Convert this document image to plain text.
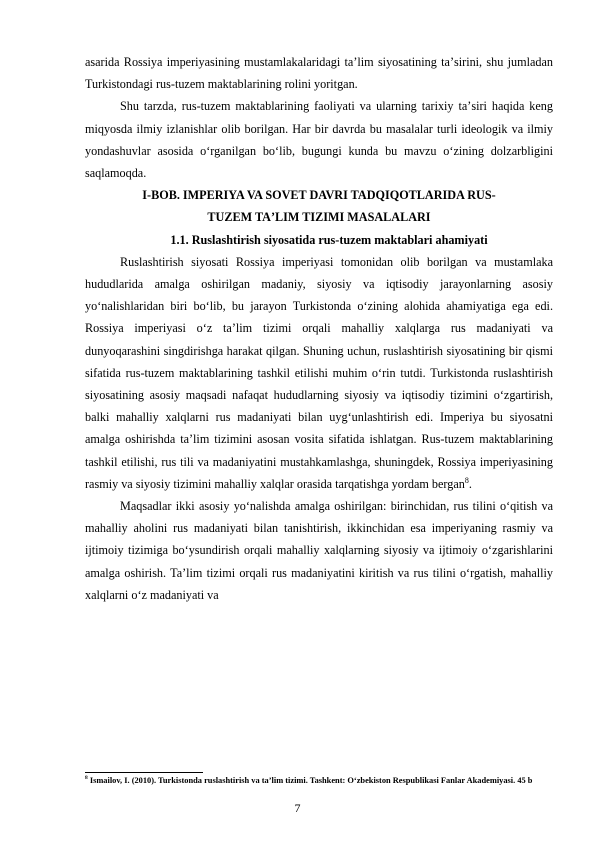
asarida Rossiya imperiyasining mustamlakalaridagi taʼlim siyosatining taʼsirini, shu jumladan Turkistondagi rus-tuzem maktablarining rolini yoritgan.

Shu tarzda, rus-tuzem maktablarining faoliyati va ularning tarixiy taʼsiri haqida keng miqyosda ilmiy izlanishlar olib borilgan. Har bir davrda bu masalalar turli ideologik va ilmiy yondashuvlar asosida oʻrganilgan boʻlib, bugungi kunda bu mavzu oʻzining dolzarbligini saqlamoqda.

I-BOB. IMPERIYA VA SOVET DAVRI TADQIQOTLARIDA RUS-
TUZEM TAʼLIM TIZIMI MASALALARI
1.1. Ruslashtirish siyosatida rus-tuzem maktablari ahamiyati

Ruslashtirish siyosati Rossiya imperiyasi tomonidan olib borilgan va mustamlaka hududlarida amalga oshirilgan madaniy, siyosiy va iqtisodiy jarayonlarning asosiy yoʻnalishlaridan biri boʻlib, bu jarayon Turkistonda oʻzining alohida ahamiyatiga ega edi. Rossiya imperiyasi oʻz taʼlim tizimi orqali mahalliy xalqlarga rus madaniyati va dunyoqarashini singdirishga harakat qilgan. Shuning uchun, ruslashtirish siyosatining bir qismi sifatida rus-tuzem maktablarining tashkil etilishi muhim oʻrin tutdi. Turkistonda ruslashtirish siyosatining asosiy maqsadi nafaqat hududlarning siyosiy va iqtisodiy tizimini oʻzgartirish, balki mahalliy xalqlarni rus madaniyati bilan uygʻunlashtirish edi. Imperiya bu siyosatni amalga oshirishda taʼlim tizimini asosan vosita sifatida ishlatgan. Rus-tuzem maktablarining tashkil etilishi, rus tili va madaniyatini mustahkamlashga, shuningdek, Rossiya imperiyasining rasmiy va siyosiy tizimini mahalliy xalqlar orasida tarqatishga yordam bergan$^8$.

Maqsadlar ikki asosiy yoʻnalishda amalga oshirilgan: birinchidan, rus tilini oʻqitish va mahalliy aholini rus madaniyati bilan tanishtirish, ikkinchidan esa imperiyaning rasmiy va ijtimoiy tizimiga boʻysundirish orqali mahalliy xalqlarning siyosiy va ijtimoiy oʻzgarishlarini amalga oshirish. Taʼlim tizimi orqali rus madaniyatini kiritish va rus tilini oʻrgatish, mahalliy xalqlarni oʻz madaniyati va

$^8$ Ismailov, I. (2010). Turkistonda ruslashtirish va taʼlim tizimi. Tashkent: Oʻzbekiston Respublikasi Fanlar Akademiyasi. 45 b
7
